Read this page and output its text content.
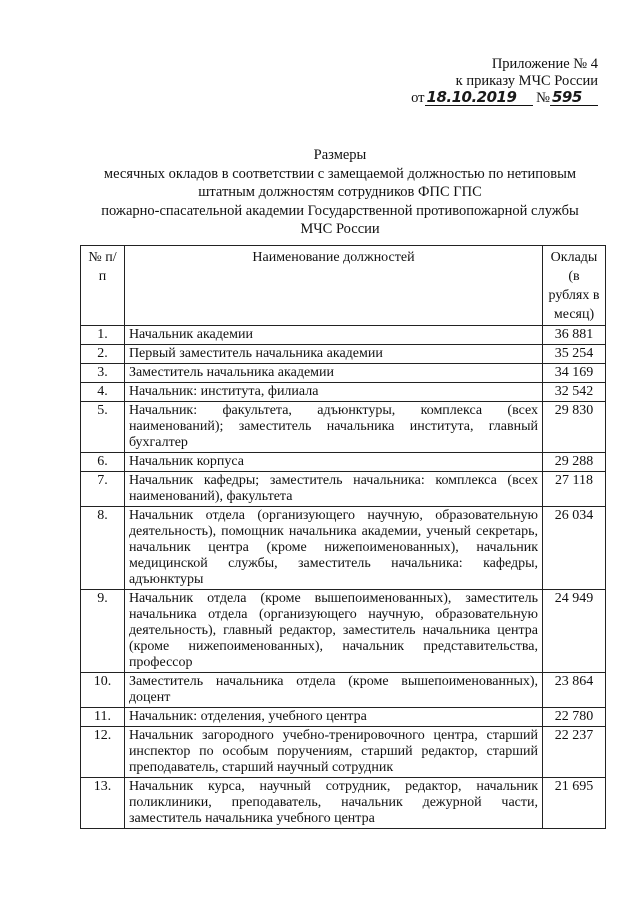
Приложение № 4
к приказу МЧС России
от 18.10.2019 № 595
Размеры
месячных окладов в соответствии с замещаемой должностью по нетиповым
штатным должностям сотрудников ФПС ГПС
пожарно-спасательной академии Государственной противопожарной службы
МЧС России
№ п/п	Наименование должностей	Оклады (в рублях в месяц)
1.	Начальник академии	36 881
2.	Первый заместитель начальника академии	35 254
3.	Заместитель начальника академии	34 169
4.	Начальник: института, филиала	32 542
5.	Начальник: факультета, адъюнктуры, комплекса (всех наименований); заместитель начальника института, главный бухгалтер	29 830
6.	Начальник корпуса	29 288
7.	Начальник кафедры; заместитель начальника: комплекса (всех наименований), факультета	27 118
8.	Начальник отдела (организующего научную, образовательную деятельность), помощник начальника академии, ученый секретарь, начальник центра (кроме нижепоименованных), начальник медицинской службы, заместитель начальника: кафедры, адъюнктуры	26 034
9.	Начальник отдела (кроме вышепоименованных), заместитель начальника отдела (организующего научную, образовательную деятельность), главный редактор, заместитель начальника центра (кроме нижепоименованных), начальник представительства, профессор	24 949
10.	Заместитель начальника отдела (кроме вышепоименованных), доцент	23 864
11.	Начальник: отделения, учебного центра	22 780
12.	Начальник загородного учебно-тренировочного центра, старший инспектор по особым поручениям, старший редактор, старший преподаватель, старший научный сотрудник	22 237
13.	Начальник курса, научный сотрудник, редактор, начальник поликлиники, преподаватель, начальник дежурной части, заместитель начальника учебного центра	21 695
